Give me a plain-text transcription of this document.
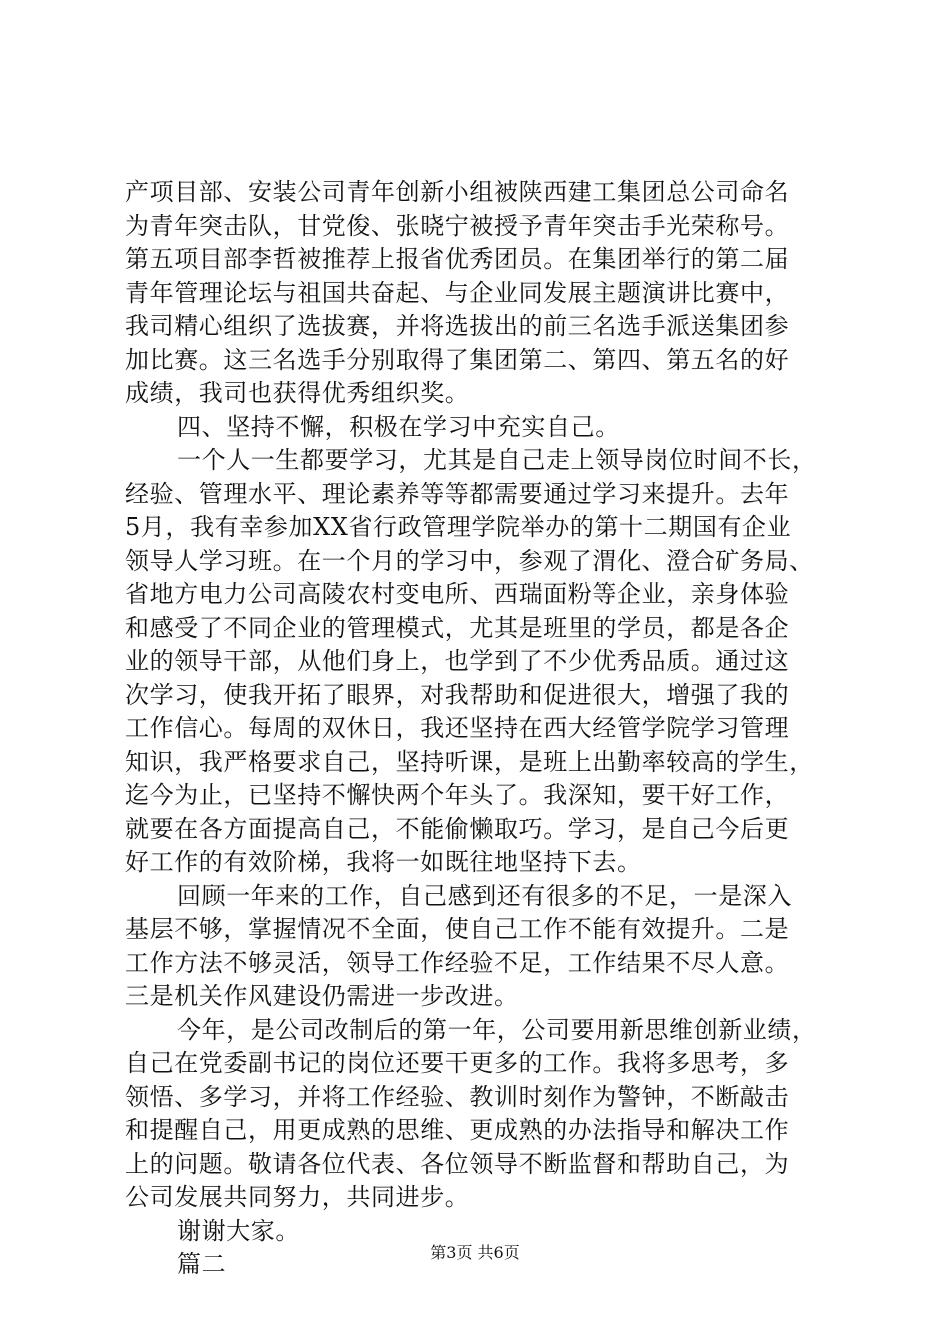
产项目部、安装公司青年创新小组被陕西建工集团总公司命名
为青年突击队，甘党俊、张晓宁被授予青年突击手光荣称号。
第五项目部李哲被推荐上报省优秀团员。在集团举行的第二届
青年管理论坛与祖国共奋起、与企业同发展主题演讲比赛中，
我司精心组织了选拔赛，并将选拔出的前三名选手派送集团参
加比赛。这三名选手分别取得了集团第二、第四、第五名的好
成绩，我司也获得优秀组织奖。
四、坚持不懈，积极在学习中充实自己。
一个人一生都要学习，尤其是自己走上领导岗位时间不长，
经验、管理水平、理论素养等等都需要通过学习来提升。去年
5月，我有幸参加XX省行政管理学院举办的第十二期国有企业
领导人学习班。在一个月的学习中，参观了渭化、澄合矿务局、
省地方电力公司高陵农村变电所、西瑞面粉等企业，亲身体验
和感受了不同企业的管理模式，尤其是班里的学员，都是各企
业的领导干部，从他们身上，也学到了不少优秀品质。通过这
次学习，使我开拓了眼界，对我帮助和促进很大，增强了我的
工作信心。每周的双休日，我还坚持在西大经管学院学习管理
知识，我严格要求自己，坚持听课，是班上出勤率较高的学生，
迄今为止，已坚持不懈快两个年头了。我深知，要干好工作，
就要在各方面提高自己，不能偷懒取巧。学习，是自己今后更
好工作的有效阶梯，我将一如既往地坚持下去。
回顾一年来的工作，自己感到还有很多的不足，一是深入
基层不够，掌握情况不全面，使自己工作不能有效提升。二是
工作方法不够灵活，领导工作经验不足，工作结果不尽人意。
三是机关作风建设仍需进一步改进。
今年，是公司改制后的第一年，公司要用新思维创新业绩，
自己在党委副书记的岗位还要干更多的工作。我将多思考，多
领悟、多学习，并将工作经验、教训时刻作为警钟，不断敲击
和提醒自己，用更成熟的思维、更成熟的办法指导和解决工作
上的问题。敬请各位代表、各位领导不断监督和帮助自己，为
公司发展共同努力，共同进步。
谢谢大家。
篇二	第3页 共6页
